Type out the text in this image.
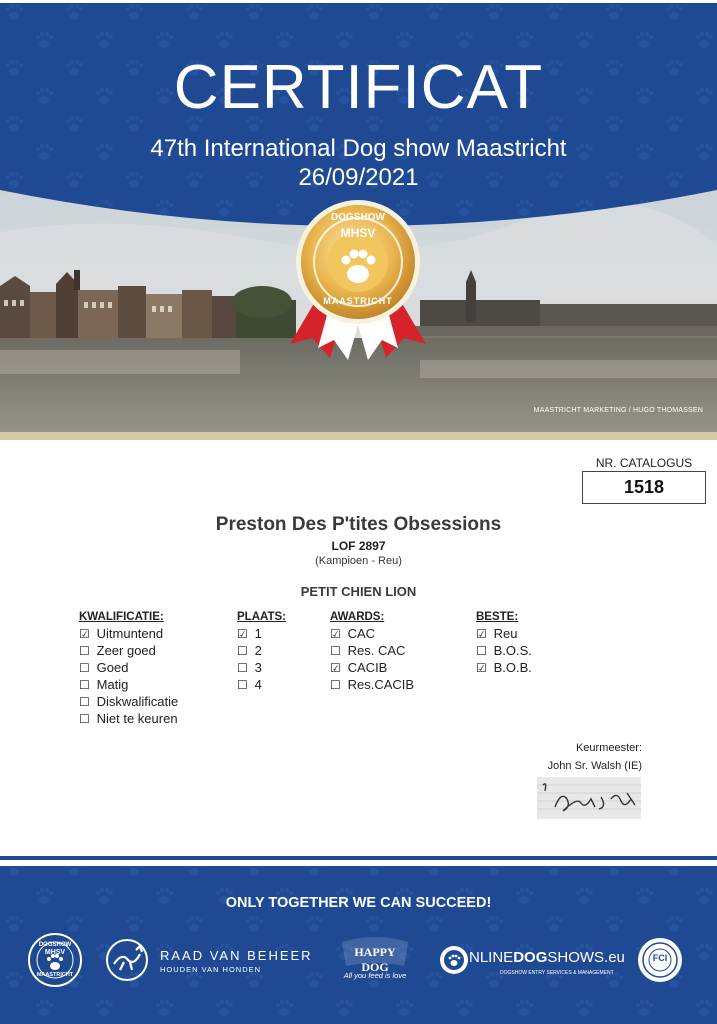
DOGSHOW
MHSV
MAASTRICHT
MAASTRICHT MARKETING / HUGO THOMASSEN
CERTIFICAT
47th International Dog show Maastricht
26/09/2021
NR. CATALOGUS
1518
Preston Des P'tites Obsessions
LOF 2897
(Kampioen - Reu)
PETIT CHIEN LION
KWALIFICATIE:
☑ Uitmuntend
☐ Zeer goed
☐ Goed
☐ Matig
☐ Diskwalificatie
☐ Niet te keuren
PLAATS:
☑ 1
☐ 2
☐ 3
☐ 4
AWARDS:
☑ CAC
☐ Res. CAC
☑ CACIB
☐ Res.CACIB
BESTE:
☑ Reu
☐ B.O.S.
☑ B.O.B.
Keurmeester:
John Sr. Walsh (IE)
ONLY TOGETHER WE CAN SUCCEED!
DOGSHOW
MHSV
MAASTRICHT
RAAD VAN BEHEER
HOUDEN VAN HONDEN
HAPPY DOG
All you feed is love
NLINEDOGSHOWS.eu
DOGSHOW ENTRY SERVICES & MANAGEMENT
FCI
